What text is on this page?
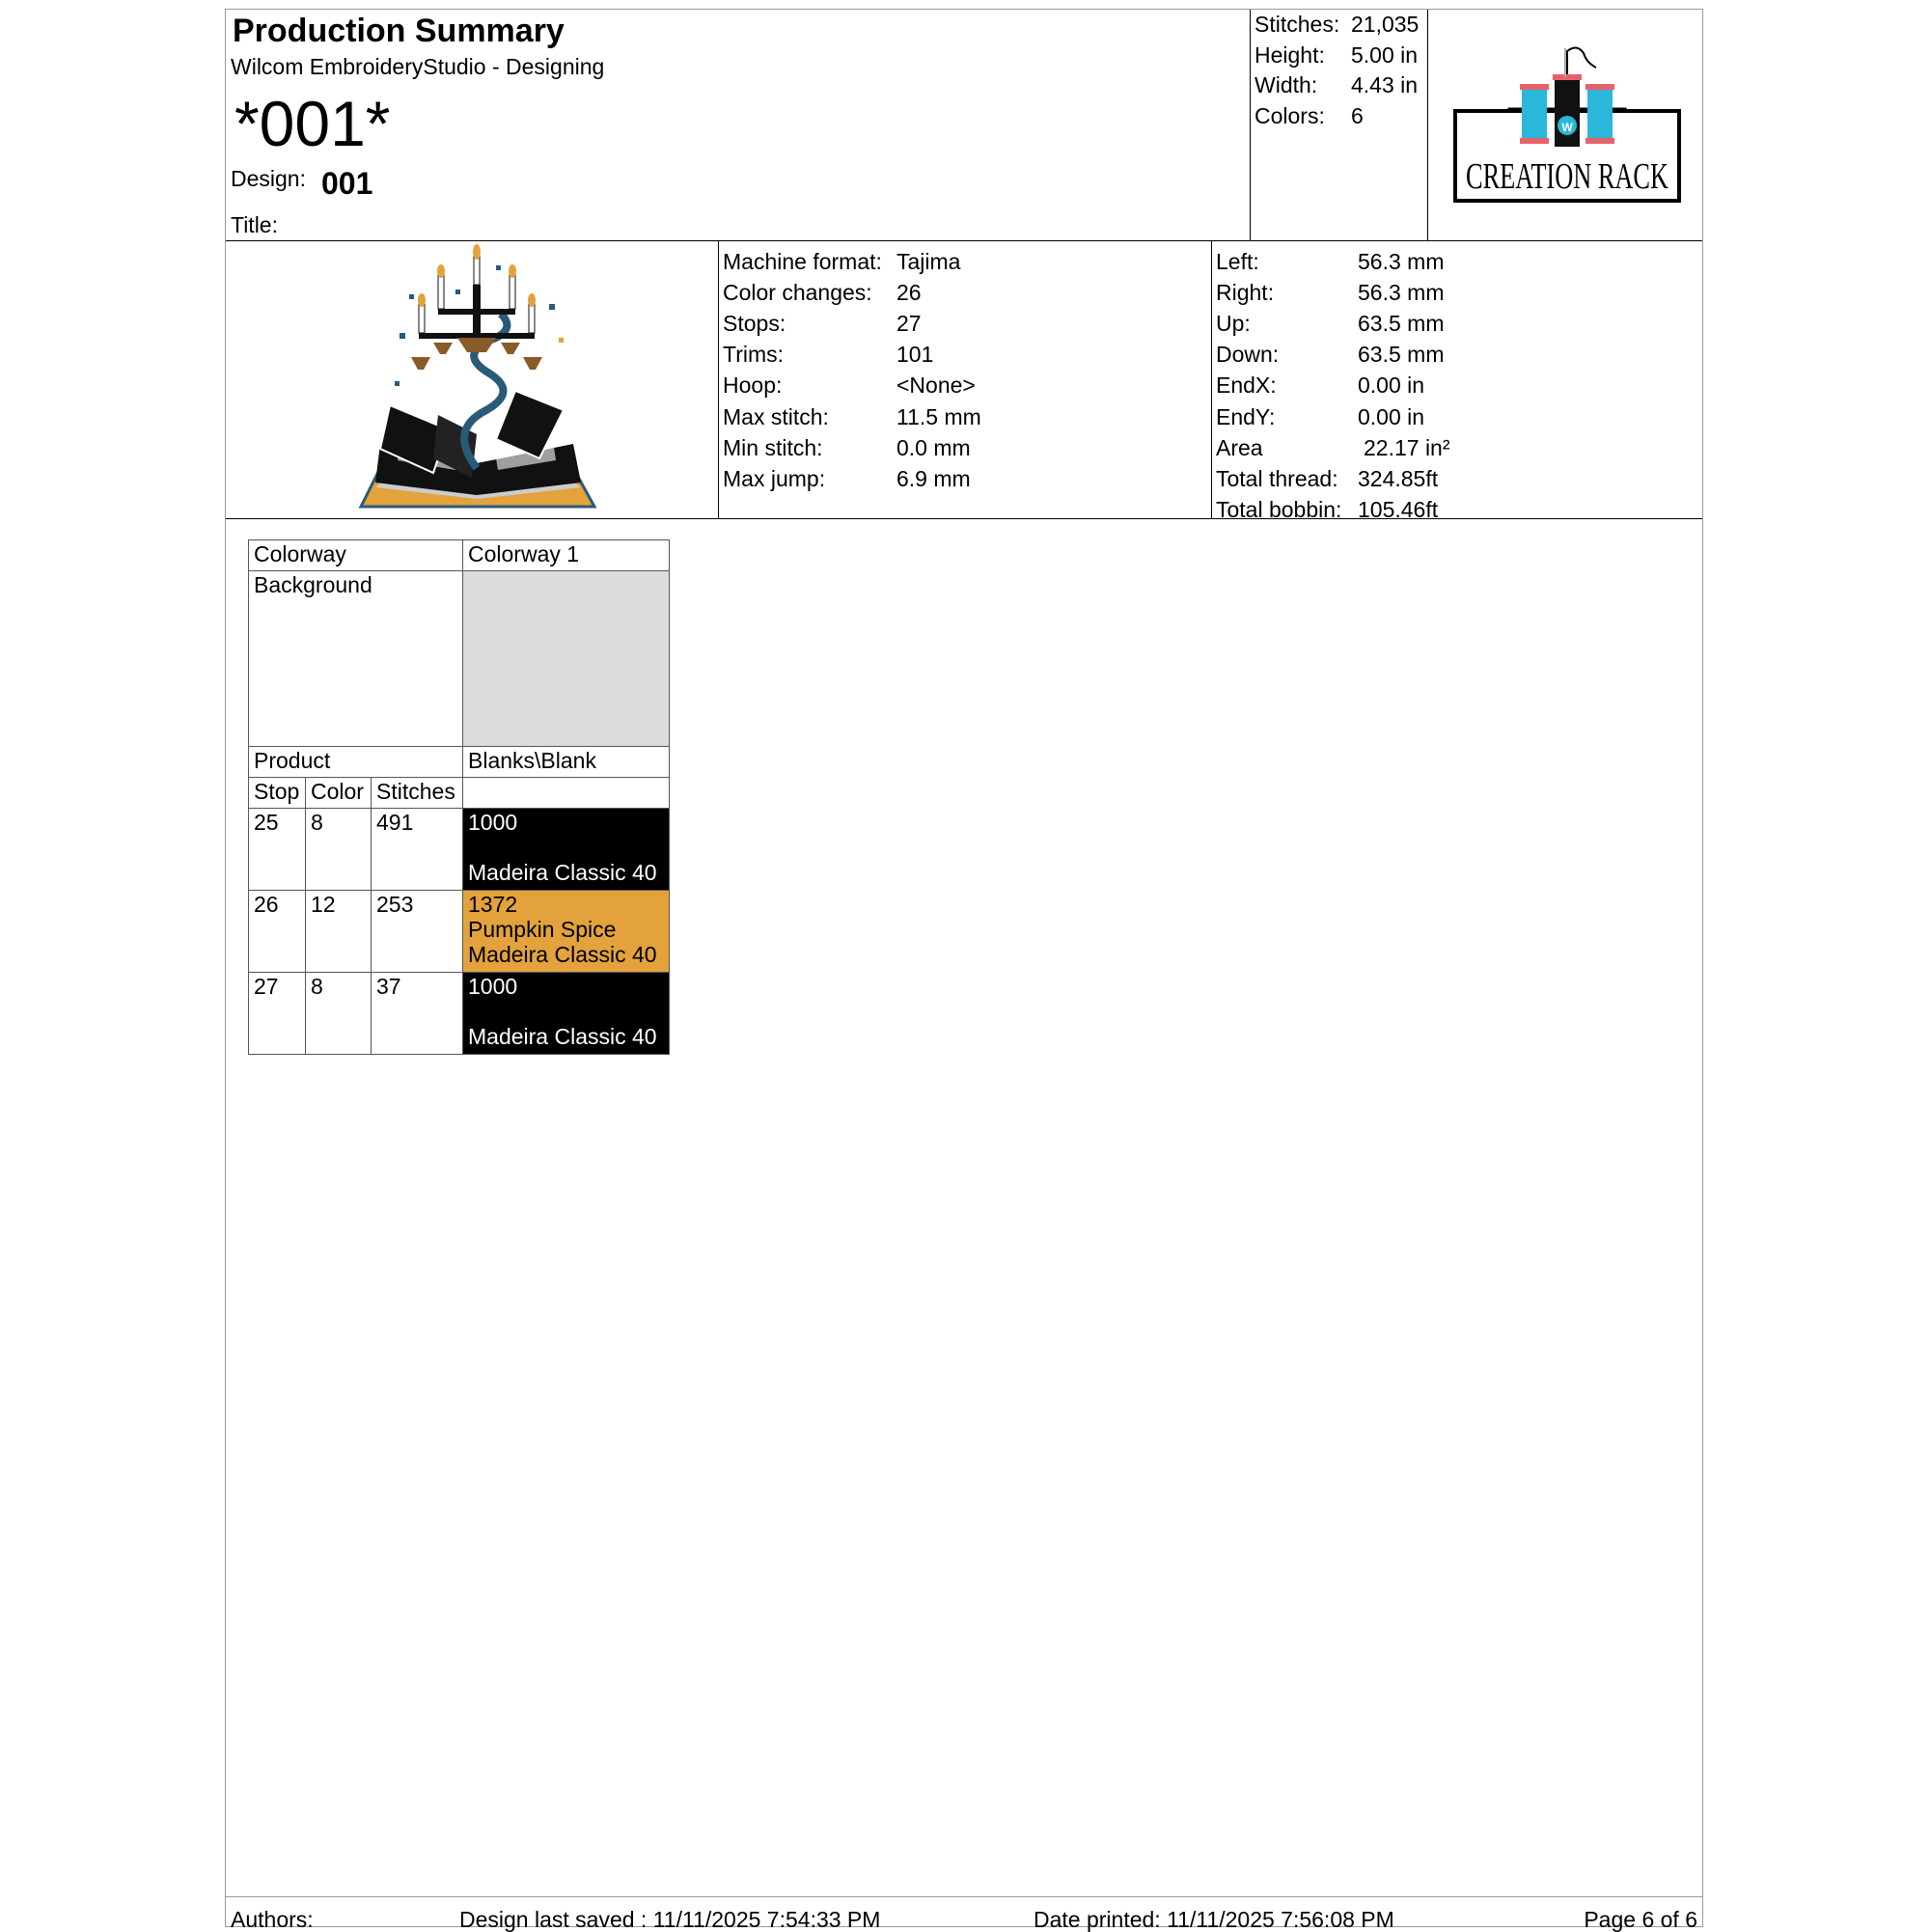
Production Summary
Wilcom EmbroideryStudio - Designing
*001*
Design: 001
Title:
Stitches: 21,035
Height: 5.00 in
Width: 4.43 in
Colors: 6	W
CREATION RACK
Machine format: Tajima
Color changes: 26
Stops:	27
Trims:	101
Hoop:	<None>
Max stitch:	11.5 mm
Min stitch:	0.0 mm
Max jump:	6.9 mm
Left:	56.3 mm
Right:	56.3 mm
Up:	63.5 mm
Down:	63.5 mm
EndX:	0.00 in
EndY:	0.00 in
Area	22.17 in²
Total thread: 324.85ft
Total bobbin: 105.46ft
Colorway			Colorway 1
Background			
Product			Blanks\Blank
Stop	Color	Stitches	
25	8	491	1000
Madeira Classic 40

26	12	253	1372
Pumpkin Spice
Madeira Classic 40

27	8	37	1000
Madeira Classic 40
Authors:	Design last saved : 11/11/2025 7:54:33 PM	Date printed: 11/11/2025 7:56:08 PM	Page 6 of 6
